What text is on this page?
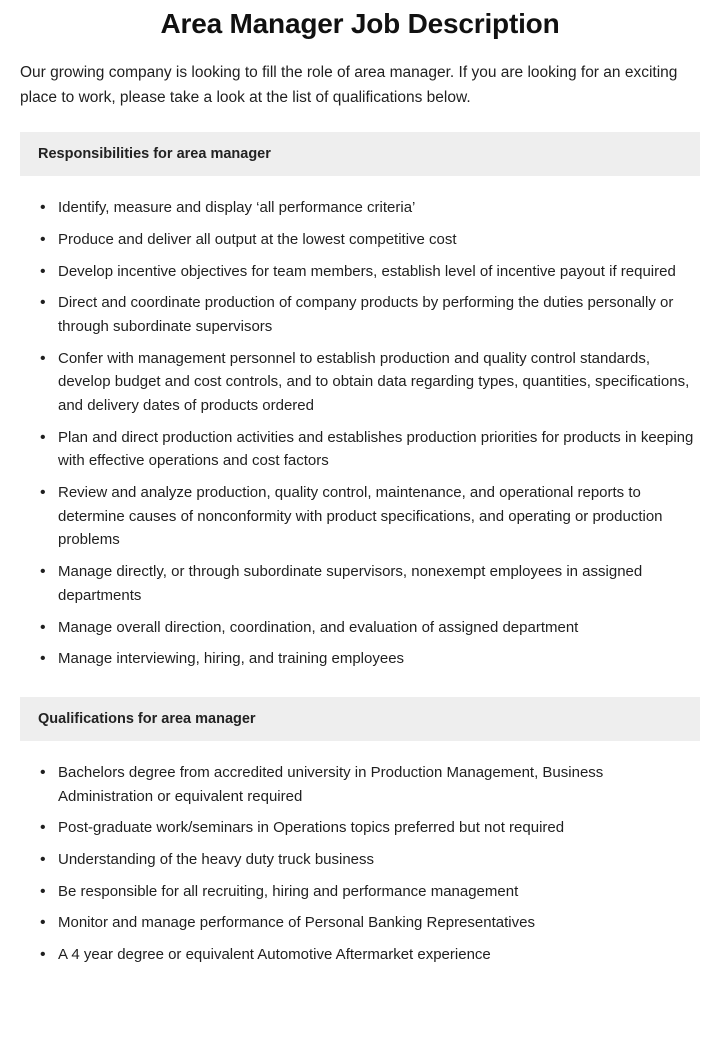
Area Manager Job Description

Our growing company is looking to fill the role of area manager. If you are looking for an exciting place to work, please take a look at the list of qualifications below.

Responsibilities for area manager
• Identify, measure and display ‘all performance criteria’
• Produce and deliver all output at the lowest competitive cost
• Develop incentive objectives for team members, establish level of incentive payout if required
• Direct and coordinate production of company products by performing the duties personally or through subordinate supervisors
• Confer with management personnel to establish production and quality control standards, develop budget and cost controls, and to obtain data regarding types, quantities, specifications, and delivery dates of products ordered
• Plan and direct production activities and establishes production priorities for products in keeping with effective operations and cost factors
• Review and analyze production, quality control, maintenance, and operational reports to determine causes of nonconformity with product specifications, and operating or production problems
• Manage directly, or through subordinate supervisors, nonexempt employees in assigned departments
• Manage overall direction, coordination, and evaluation of assigned department
• Manage interviewing, hiring, and training employees
Qualifications for area manager
• Bachelors degree from accredited university in Production Management, Business Administration or equivalent required
• Post-graduate work/seminars in Operations topics preferred but not required
• Understanding of the heavy duty truck business
• Be responsible for all recruiting, hiring and performance management
• Monitor and manage performance of Personal Banking Representatives
• A 4 year degree or equivalent Automotive Aftermarket experience
